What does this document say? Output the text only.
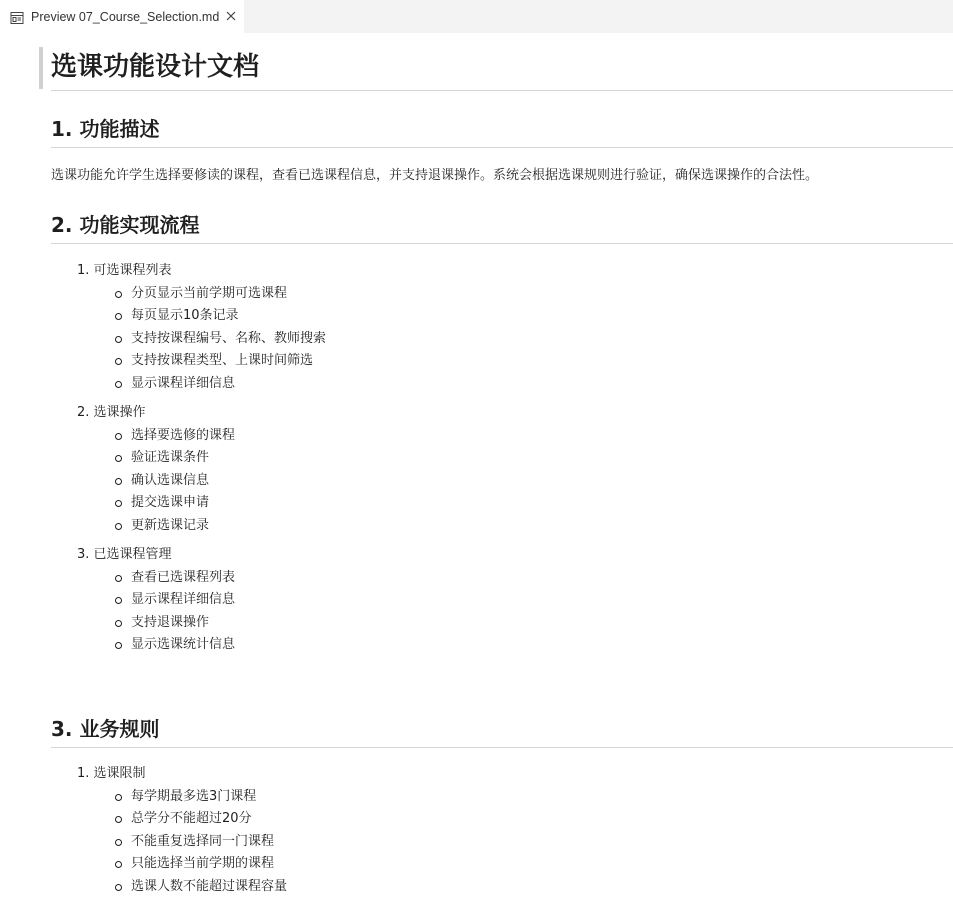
Preview 07_Course_Selection.md
选课功能设计文档
1. 功能描述

选课功能允许学生选择要修读的课程，查看已选课程信息，并支持退课操作。系统会根据选课规则进行验证，确保选课操作的合法性。

2. 功能实现流程
1. 可选课程列表
分页显示当前学期可选课程
每页显示10条记录
支持按课程编号、名称、教师搜索
支持按课程类型、上课时间筛选
显示课程详细信息
2. 选课操作
选择要选修的课程
验证选课条件
确认选课信息
提交选课申请
更新选课记录
3. 已选课程管理
查看已选课程列表
显示课程详细信息
支持退课操作
显示选课统计信息
3. 业务规则
1. 选课限制
每学期最多选3门课程
总学分不能超过20分
不能重复选择同一门课程
只能选择当前学期的课程
选课人数不能超过课程容量
